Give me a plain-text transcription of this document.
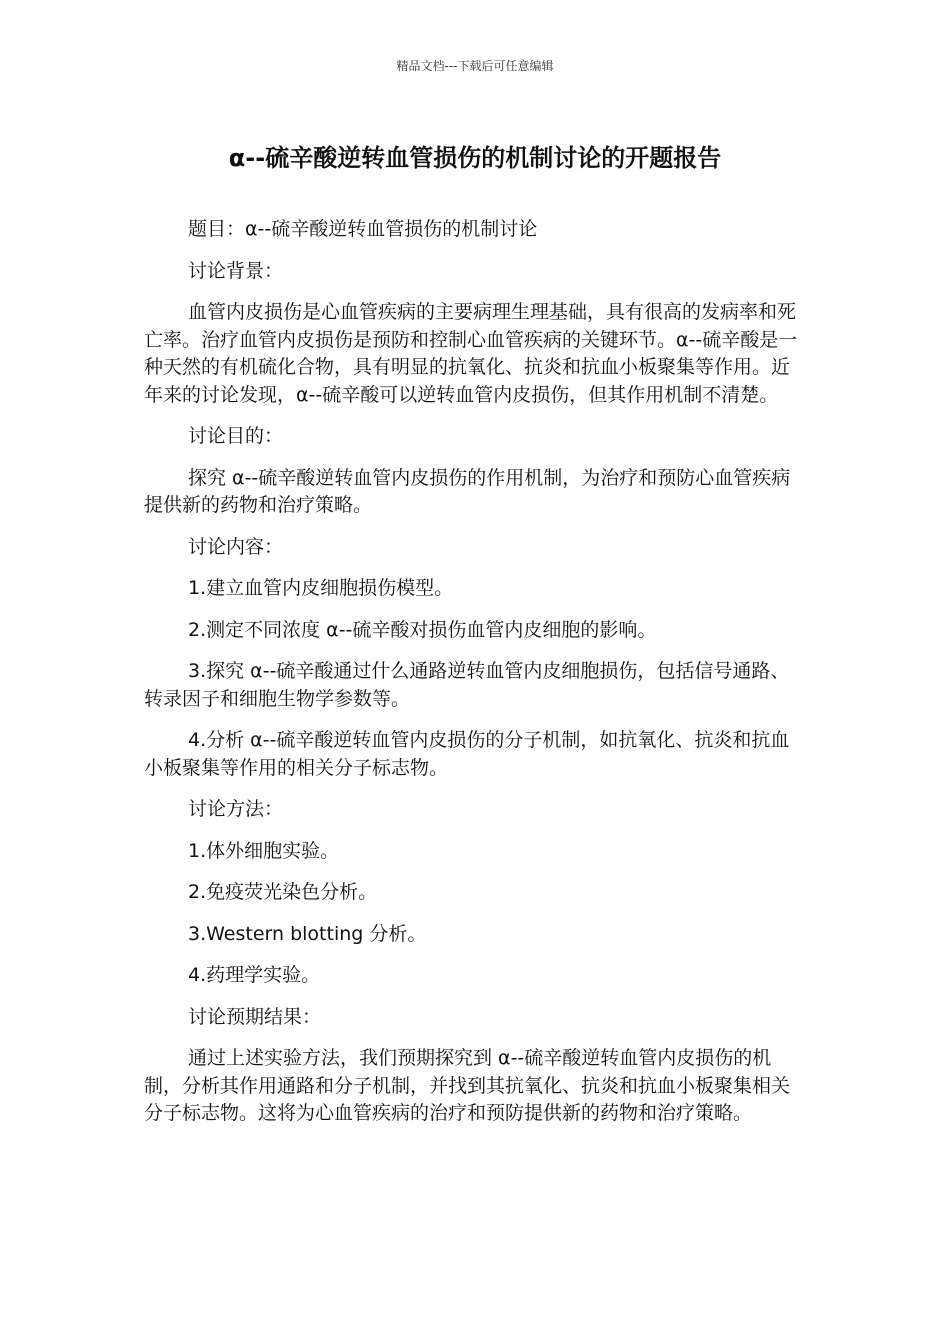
精品文档---下载后可任意编辑
α--硫辛酸逆转血管损伤的机制讨论的开题报告

题目：α--硫辛酸逆转血管损伤的机制讨论

讨论背景：

血管内皮损伤是心血管疾病的主要病理生理基础，具有很高的发病率和死亡率。治疗血管内皮损伤是预防和控制心血管疾病的关键环节。α--硫辛酸是一种天然的有机硫化合物，具有明显的抗氧化、抗炎和抗血小板聚集等作用。近年来的讨论发现，α--硫辛酸可以逆转血管内皮损伤，但其作用机制不清楚。

讨论目的：

探究 α--硫辛酸逆转血管内皮损伤的作用机制，为治疗和预防心血管疾病提供新的药物和治疗策略。

讨论内容：

1.建立血管内皮细胞损伤模型。

2.测定不同浓度 α--硫辛酸对损伤血管内皮细胞的影响。

3.探究 α--硫辛酸通过什么通路逆转血管内皮细胞损伤，包括信号通路、转录因子和细胞生物学参数等。

4.分析 α--硫辛酸逆转血管内皮损伤的分子机制，如抗氧化、抗炎和抗血小板聚集等作用的相关分子标志物。

讨论方法：

1.体外细胞实验。

2.免疫荧光染色分析。

3.Western blotting 分析。

4.药理学实验。

讨论预期结果：

通过上述实验方法，我们预期探究到 α--硫辛酸逆转血管内皮损伤的机制，分析其作用通路和分子机制，并找到其抗氧化、抗炎和抗血小板聚集相关分子标志物。这将为心血管疾病的治疗和预防提供新的药物和治疗策略。
